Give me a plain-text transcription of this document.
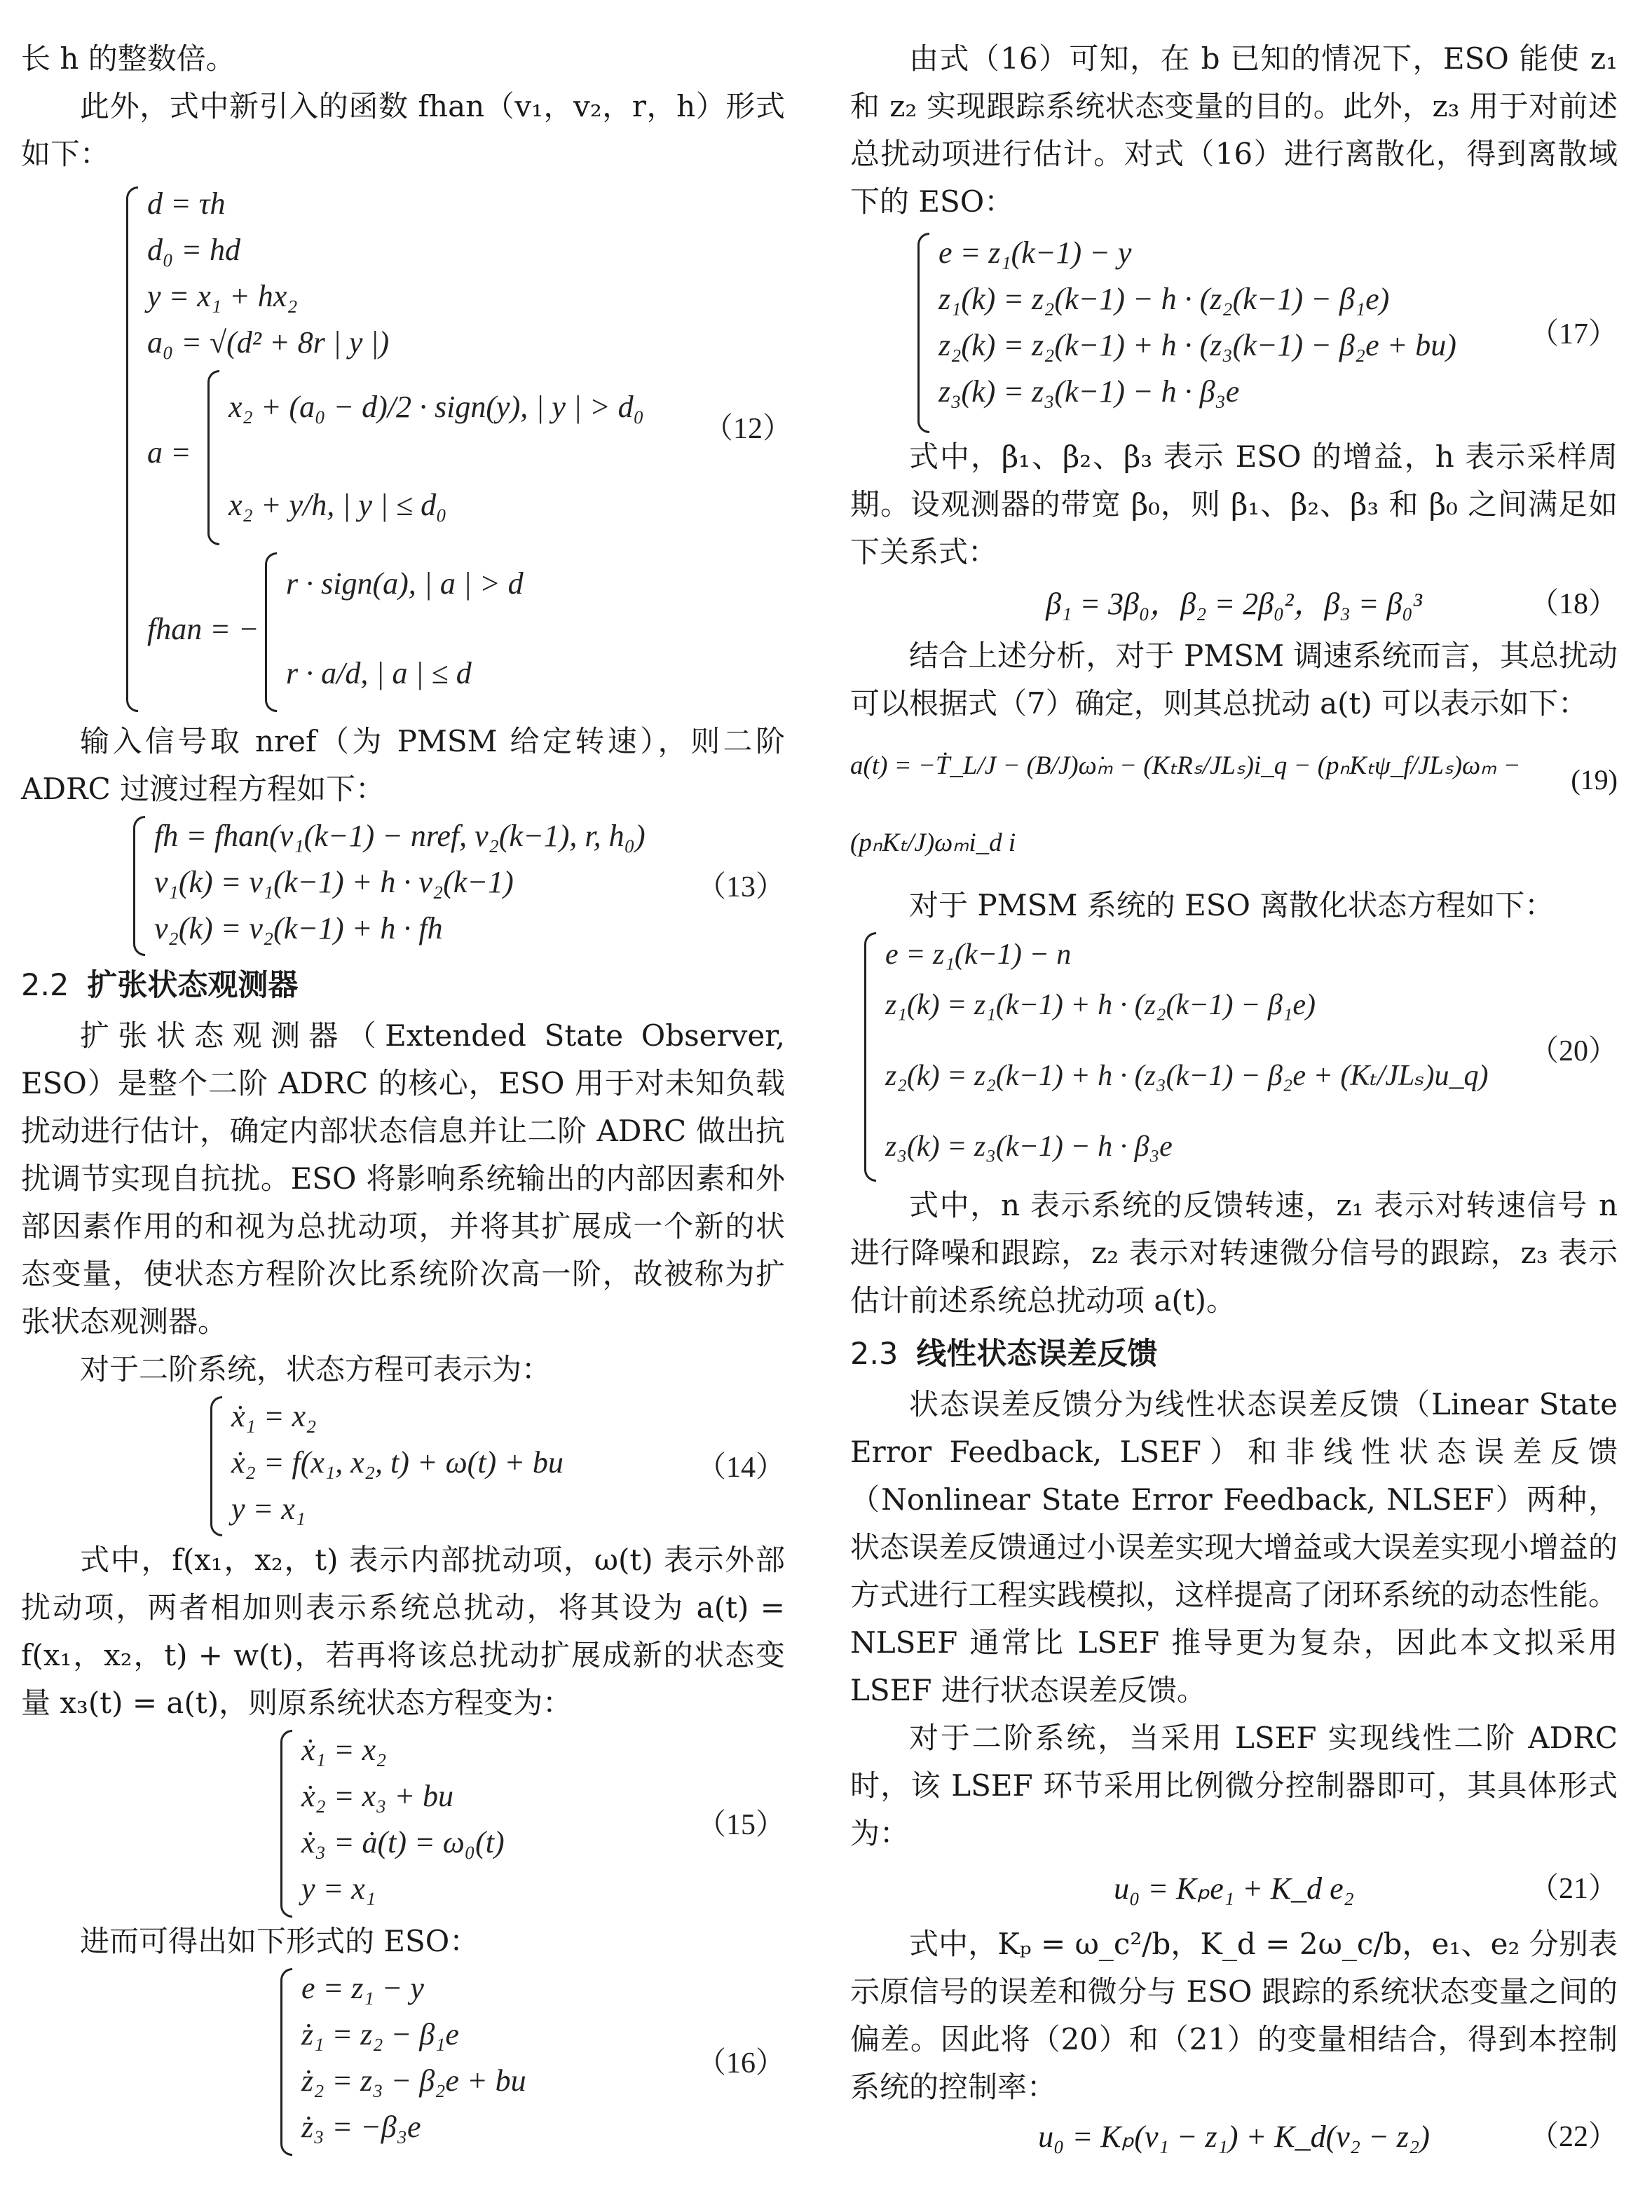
长 h 的整数倍。

此外，式中新引入的函数 fhan（v₁，v₂，r，h）形式如下：

d = τh
d₀ = hd
y = x₁ + hx₂
a₀ = √(d² + 8r | y |)
a =
x₂ + (a₀ − d)/2 · sign(y), | y | > d₀
x₂ + y/h, | y | ≤ d₀
fhan = −
r · sign(a), | a | > d
r · a/d, | a | ≤ d
（12）

输入信号取 nref（为 PMSM 给定转速），则二阶 ADRC 过渡过程方程如下：

fh = fhan(v₁(k−1) − nref, v₂(k−1), r, h₀)
v₁(k) = v₁(k−1) + h · v₂(k−1)
v₂(k) = v₂(k−1) + h · fh
（13）
2.2 扩张状态观测器

扩张状态观测器（Extended State Observer, ESO）是整个二阶 ADRC 的核心，ESO 用于对未知负载扰动进行估计，确定内部状态信息并让二阶 ADRC 做出抗扰调节实现自抗扰。ESO 将影响系统输出的内部因素和外部因素作用的和视为总扰动项，并将其扩展成一个新的状态变量，使状态方程阶次比系统阶次高一阶，故被称为扩张状态观测器。

对于二阶系统，状态方程可表示为：

ẋ₁ = x₂
ẋ₂ = f(x₁, x₂, t) + ω(t) + bu
y = x₁
（14）

式中，f(x₁，x₂，t) 表示内部扰动项，ω(t) 表示外部扰动项，两者相加则表示系统总扰动，将其设为 a(t) = f(x₁，x₂，t) + w(t)，若再将该总扰动扩展成新的状态变量 x₃(t) = a(t)，则原系统状态方程变为：

ẋ₁ = x₂
ẋ₂ = x₃ + bu
ẋ₃ = ȧ(t) = ω₀(t)
y = x₁
（15）

进而可得出如下形式的 ESO：

e = z₁ − y
ż₁ = z₂ − β₁e
ż₂ = z₃ − β₂e + bu
ż₃ = −β₃e
（16）

由式（16）可知，在 b 已知的情况下，ESO 能使 z₁ 和 z₂ 实现跟踪系统状态变量的目的。此外，z₃ 用于对前述总扰动项进行估计。对式（16）进行离散化，得到离散域下的 ESO：

e = z₁(k−1) − y
z₁(k) = z₂(k−1) − h · (z₂(k−1) − β₁e)
z₂(k) = z₂(k−1) + h · (z₃(k−1) − β₂e + bu)
z₃(k) = z₃(k−1) − h · β₃e
（17）

式中，β₁、β₂、β₃ 表示 ESO 的增益，h 表示采样周期。设观测器的带宽 β₀，则 β₁、β₂、β₃ 和 β₀ 之间满足如下关系式：

β₁ = 3β₀，β₂ = 2β₀²，β₃ = β₀³	（18）

结合上述分析，对于 PMSM 调速系统而言，其总扰动可以根据式（7）确定，则其总扰动 a(t) 可以表示如下：

a(t) = −Ṫ_L/J − (B/J)ω̇ₘ − (KₜRₛ/JLₛ)i_q − (pₙKₜψ_f/JLₛ)ωₘ − (pₙKₜ/J)ωₘi_d i
(19)

对于 PMSM 系统的 ESO 离散化状态方程如下：

e = z₁(k−1) − n
z₁(k) = z₁(k−1) + h · (z₂(k−1) − β₁e)
z₂(k) = z₂(k−1) + h · (z₃(k−1) − β₂e + (Kₜ/JLₛ)u_q)
z₃(k) = z₃(k−1) − h · β₃e
（20）

式中，n 表示系统的反馈转速，z₁ 表示对转速信号 n 进行降噪和跟踪，z₂ 表示对转速微分信号的跟踪，z₃ 表示估计前述系统总扰动项 a(t)。

2.3 线性状态误差反馈

状态误差反馈分为线性状态误差反馈（Linear State Error Feedback, LSEF）和非线性状态误差反馈（Nonlinear State Error Feedback, NLSEF）两种，状态误差反馈通过小误差实现大增益或大误差实现小增益的方式进行工程实践模拟，这样提高了闭环系统的动态性能。NLSEF 通常比 LSEF 推导更为复杂，因此本文拟采用 LSEF 进行状态误差反馈。

对于二阶系统，当采用 LSEF 实现线性二阶 ADRC 时，该 LSEF 环节采用比例微分控制器即可，其具体形式为：

u₀ = Kₚe₁ + K_d e₂	（21）

式中，Kₚ = ω_c²/b，K_d = 2ω_c/b，e₁、e₂ 分别表示原信号的误差和微分与 ESO 跟踪的系统状态变量之间的偏差。因此将（20）和（21）的变量相结合，得到本控制系统的控制率：

u₀ = Kₚ(v₁ − z₁) + K_d(v₂ − z₂)	（22）
